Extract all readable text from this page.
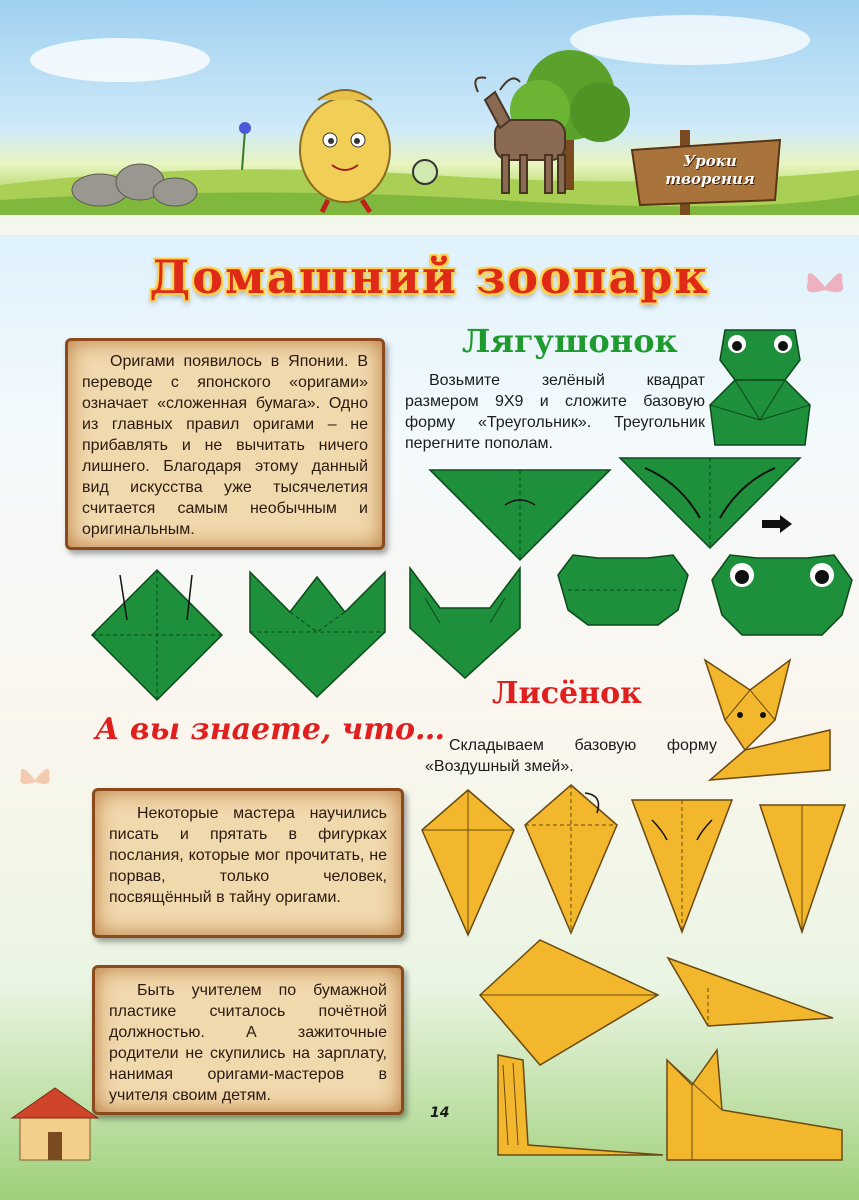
Уроки
творения
Домашний зоопарк

Оригами появилось в Японии. В переводе с японского «оригами» означает «сложенная бумага». Одно из главных правил оригами – не прибавлять и не вычитать ничего лишнего. Благодаря этому данный вид искусства уже тысячелетия считается самым необычным и оригинальным.

Лягушонок

Возьмите зелёный квадрат размером 9Х9 и сложите базовую форму «Треугольник». Треугольник перегните пополам.

А вы знаете, что…

Некоторые мастера научились писать и прятать в фигурках послания, которые мог прочитать, не порвав, только человек, посвящённый в тайну оригами.

Быть учителем по бумажной пластике считалось почётной должностью. А зажиточные родители не скупились на зарплату, нанимая оригами-мастеров в учителя своим детям.

Лисёнок

Складываем базовую форму «Воздушный змей».

14
